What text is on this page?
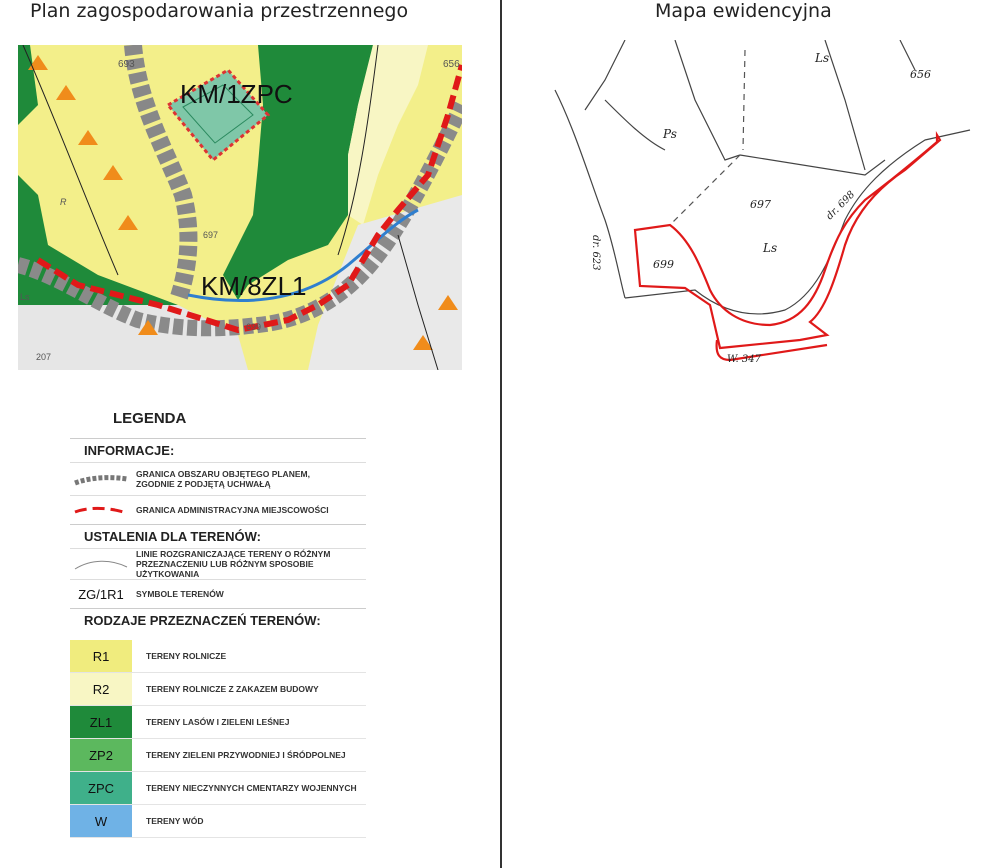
Plan zagospodarowania przestrzennego	Mapa ewidencyjna
KM/1ZPC
KM/8ZL1
693	656
697
699
207
R
Ls
Ls
656
Ps
697
Ls
dr. 698
dr. 623	699
W. 347
LEGENDA
INFORMACJE:
GRANICA OBSZARU OBJĘTEGO PLANEM,
ZGODNIE Z PODJĘTĄ UCHWAŁĄ
GRANICA ADMINISTRACYJNA MIEJSCOWOŚCI
USTALENIA DLA TERENÓW:
LINIE ROZGRANICZAJĄCE TERENY O RÓŻNYM
PRZEZNACZENIU LUB RÓŻNYM SPOSOBIE UŻYTKOWANIA
ZG/1R1	SYMBOLE TERENÓW
RODZAJE PRZEZNACZEŃ TERENÓW:
R1	TERENY ROLNICZE
R2	TERENY ROLNICZE Z ZAKAZEM BUDOWY
ZL1	TERENY LASÓW I ZIELENI LEŚNEJ
ZP2	TERENY ZIELENI PRZYWODNIEJ I ŚRÓDPOLNEJ
ZPC	TERENY NIECZYNNYCH CMENTARZY WOJENNYCH
W	TERENY WÓD
